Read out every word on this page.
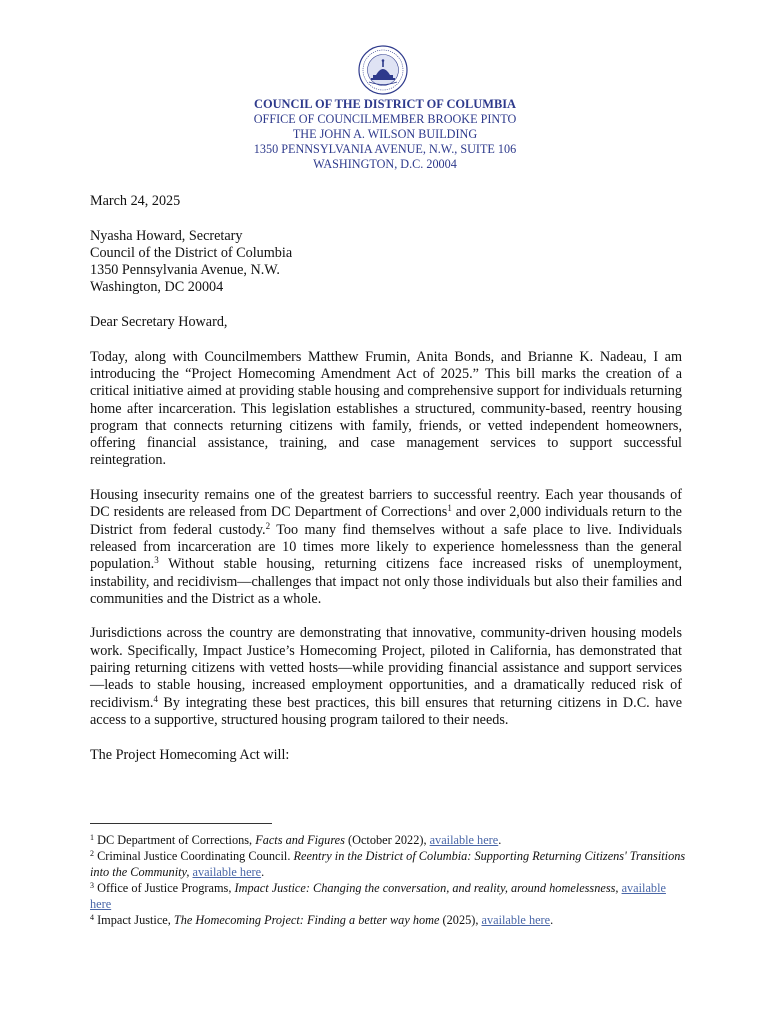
COUNCIL OF THE DISTRICT OF COLUMBIA
OFFICE OF COUNCILMEMBER BROOKE PINTO
THE JOHN A. WILSON BUILDING
1350 PENNSYLVANIA AVENUE, N.W., SUITE 106
WASHINGTON, D.C. 20004

March 24, 2025

Nyasha Howard, Secretary
Council of the District of Columbia
1350 Pennsylvania Avenue, N.W.
Washington, DC 20004

Dear Secretary Howard,

Today, along with Councilmembers Matthew Frumin, Anita Bonds, and Brianne K. Nadeau, I am introducing the “Project Homecoming Amendment Act of 2025.” This bill marks the creation of a critical initiative aimed at providing stable housing and comprehensive support for individuals returning home after incarceration. This legislation establishes a structured, community-based, reentry housing program that connects returning citizens with family, friends, or vetted independent homeowners, offering financial assistance, training, and case management services to support successful reintegration.

Housing insecurity remains one of the greatest barriers to successful reentry. Each year thousands of DC residents are released from DC Department of Corrections$^1$ and over 2,000 individuals return to the District from federal custody.$^2$ Too many find themselves without a safe place to live. Individuals released from incarceration are 10 times more likely to experience homelessness than the general population.$^3$ Without stable housing, returning citizens face increased risks of unemployment, instability, and recidivism—challenges that impact not only those individuals but also their families and communities and the District as a whole.

Jurisdictions across the country are demonstrating that innovative, community-driven housing models work. Specifically, Impact Justice’s Homecoming Project, piloted in California, has demonstrated that pairing returning citizens with vetted hosts—while providing financial assistance and support services—leads to stable housing, increased employment opportunities, and a dramatically reduced risk of recidivism.$^4$ By integrating these best practices, this bill ensures that returning citizens in D.C. have access to a supportive, structured housing program tailored to their needs.

The Project Homecoming Act will:

$^1$ DC Department of Corrections, Facts and Figures (October 2022), available here.
$^2$ Criminal Justice Coordinating Council. Reentry in the District of Columbia: Supporting Returning Citizens' Transitions into the Community, available here.
$^3$ Office of Justice Programs, Impact Justice: Changing the conversation, and reality, around homelessness, available here
$^4$ Impact Justice, The Homecoming Project: Finding a better way home (2025), available here.
